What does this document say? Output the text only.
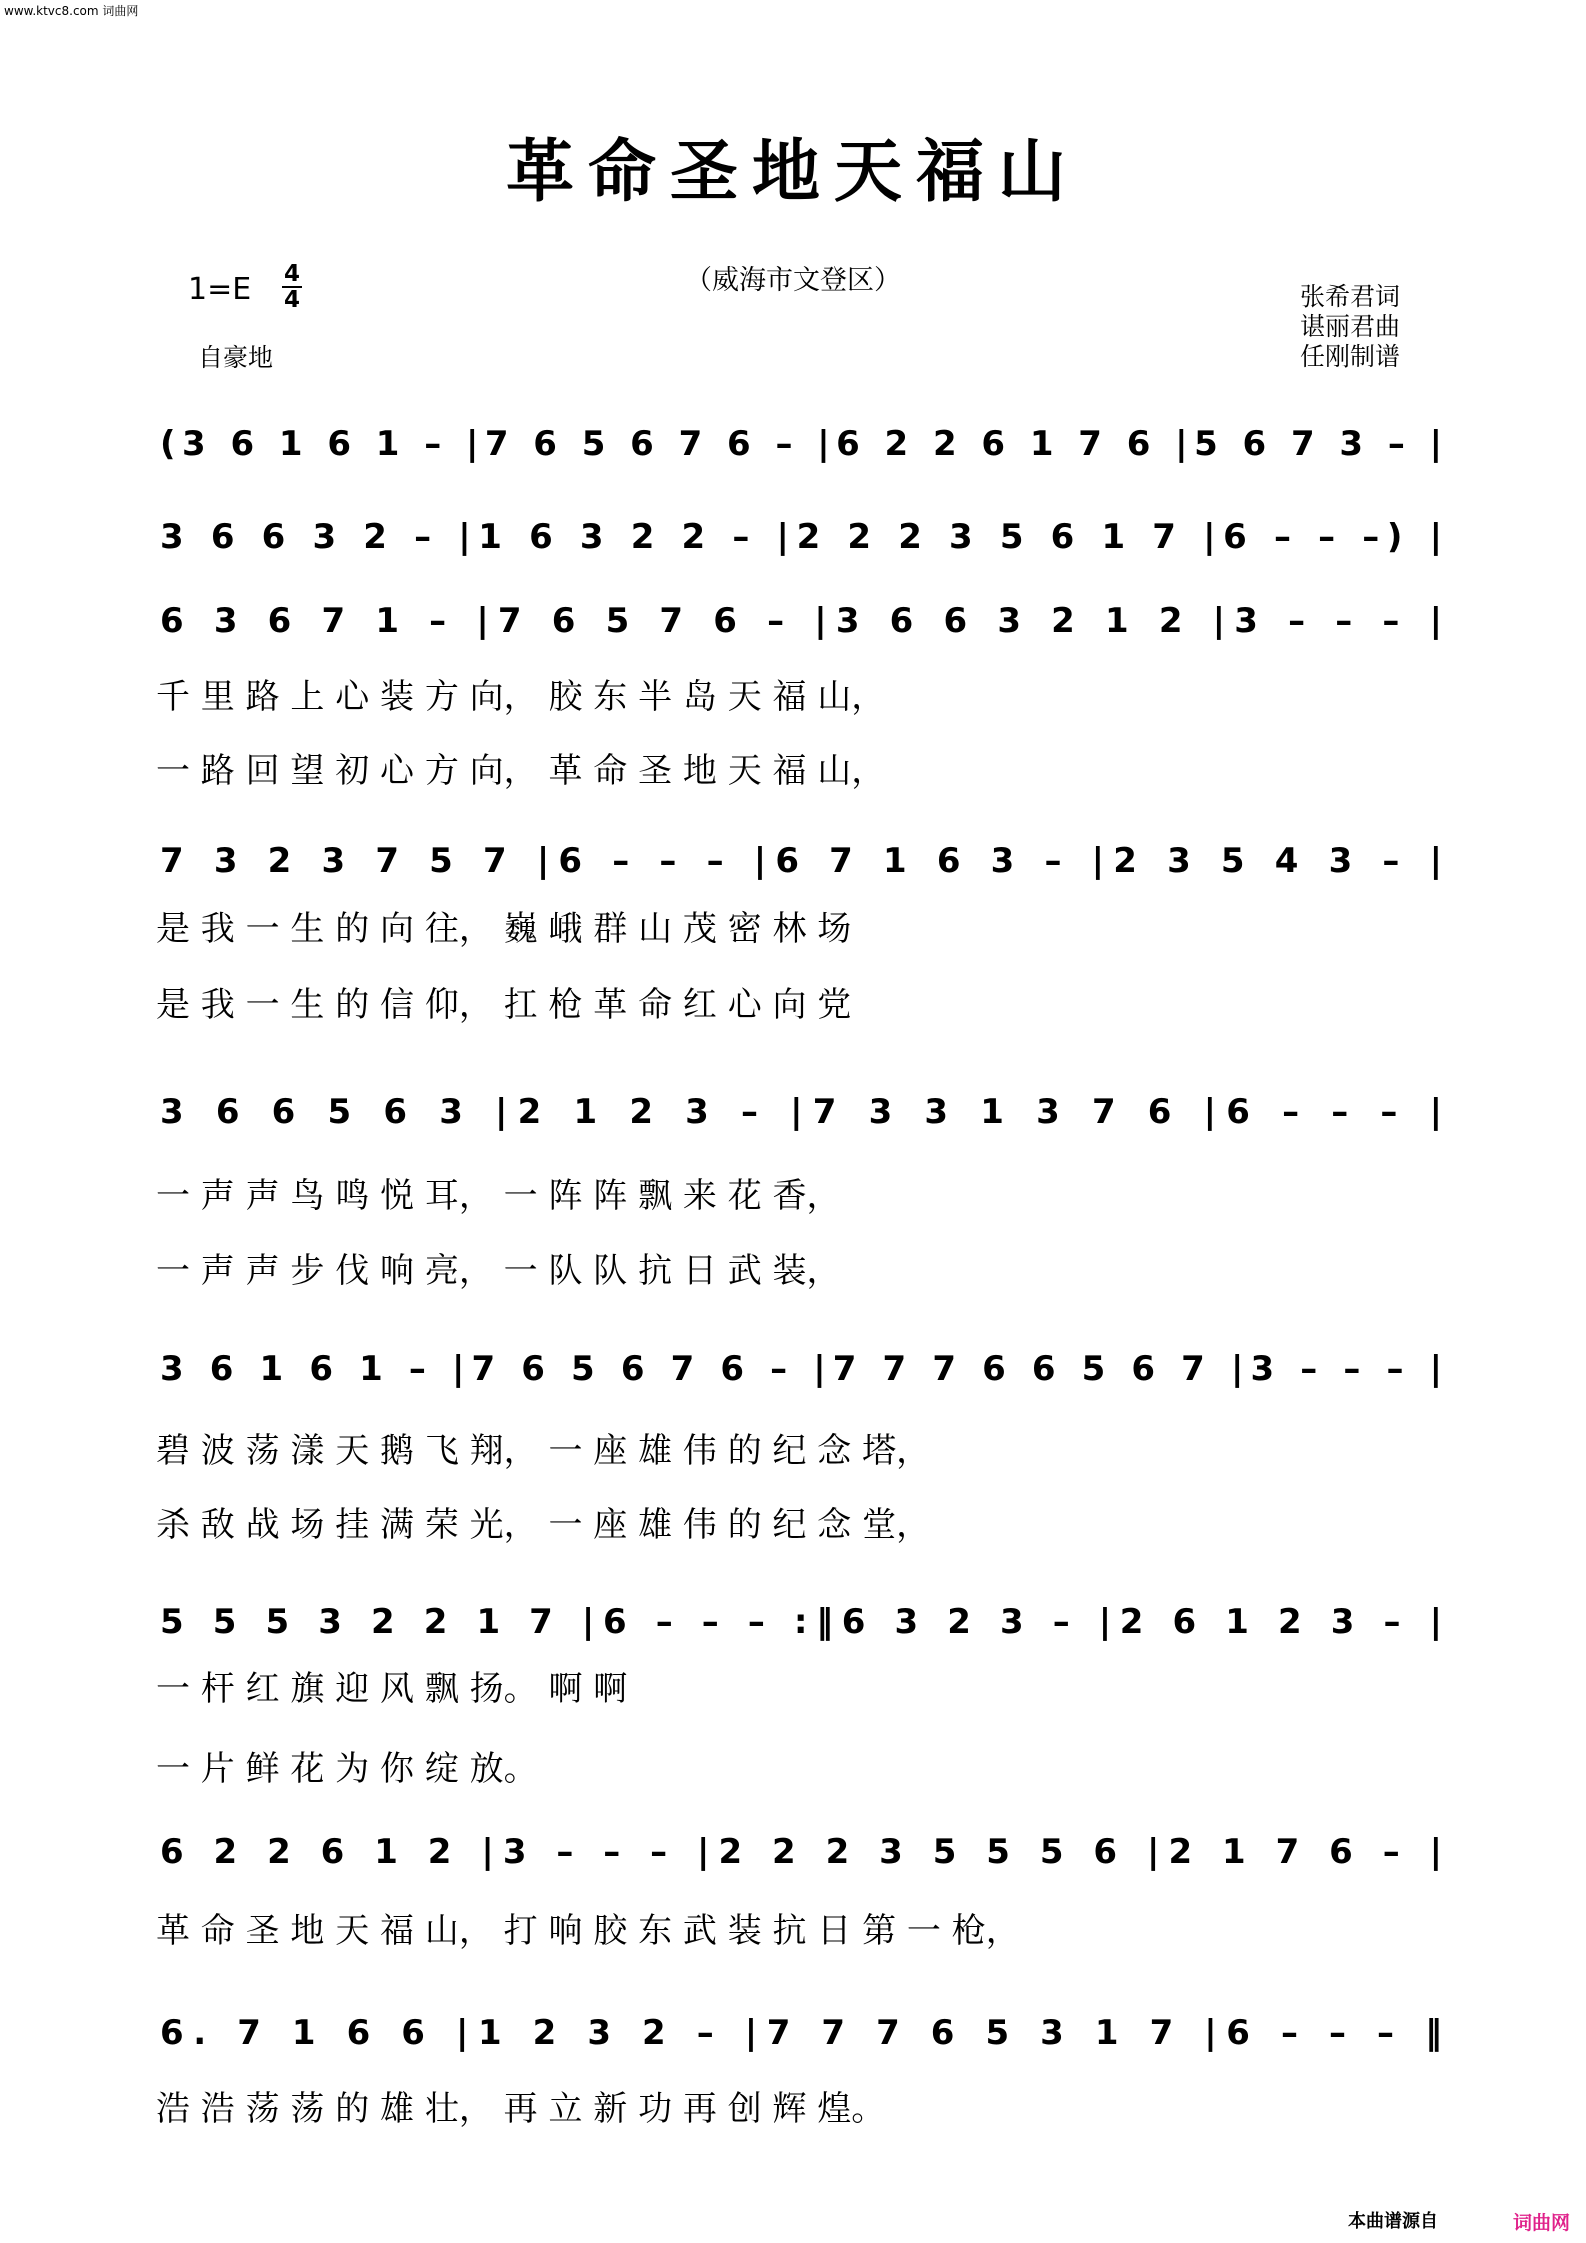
www.ktvc8.com 词曲网
革命圣地天福山
（威海市文登区）
1=E 4
4
自豪地
张希君词
谌丽君曲
任刚制谱
(3 6 1 6 1 – |7 6 5 6 7 6 – |6 2 2 6 1 7 6 |5 6 7 3 – |
3 6 6 3 2 – |1 6 3 2 2 – |2 2 2 3 5 6 1 7 |6 – – –) |
6 3 6 7 1 – |7 6 5 7 6 – |3 6 6 3 2 1 2 |3 – – – |
千 里 路 上 心 装 方 向， 胶 东 半 岛 天 福 山，
一 路 回 望 初 心 方 向， 革 命 圣 地 天 福 山，
7 3 2 3 7 5 7 |6 – – – |6 7 1 6 3 – |2 3 5 4 3 – |
是 我 一 生 的 向 往， 巍 峨 群 山 茂 密 林 场
是 我 一 生 的 信 仰， 扛 枪 革 命 红 心 向 党
3 6 6 5 6 3 |2 1 2 3 – |7 3 3 1 3 7 6 |6 – – – |
一 声 声 鸟 鸣 悦 耳， 一 阵 阵 飘 来 花 香，
一 声 声 步 伐 响 亮， 一 队 队 抗 日 武 装，
3 6 1 6 1 – |7 6 5 6 7 6 – |7 7 7 6 6 5 6 7 |3 – – – |
碧 波 荡 漾 天 鹅 飞 翔， 一 座 雄 伟 的 纪 念 塔，
杀 敌 战 场 挂 满 荣 光， 一 座 雄 伟 的 纪 念 堂，
5 5 5 3 2 2 1 7 |6 – – – :‖6 3 2 3 – |2 6 1 2 3 – |
一 杆 红 旗 迎 风 飘 扬。 啊 啊
一 片 鲜 花 为 你 绽 放。
6 2 2 6 1 2 |3 – – – |2 2 2 3 5 5 5 6 |2 1 7 6 – |
革 命 圣 地 天 福 山， 打 响 胶 东 武 装 抗 日 第 一 枪，
6. 7 1 6 6 |1 2 3 2 – |7 7 7 6 5 3 1 7 |6 – – – ‖
浩 浩 荡 荡 的 雄 壮， 再 立 新 功 再 创 辉 煌。
本曲谱源自	词曲网
